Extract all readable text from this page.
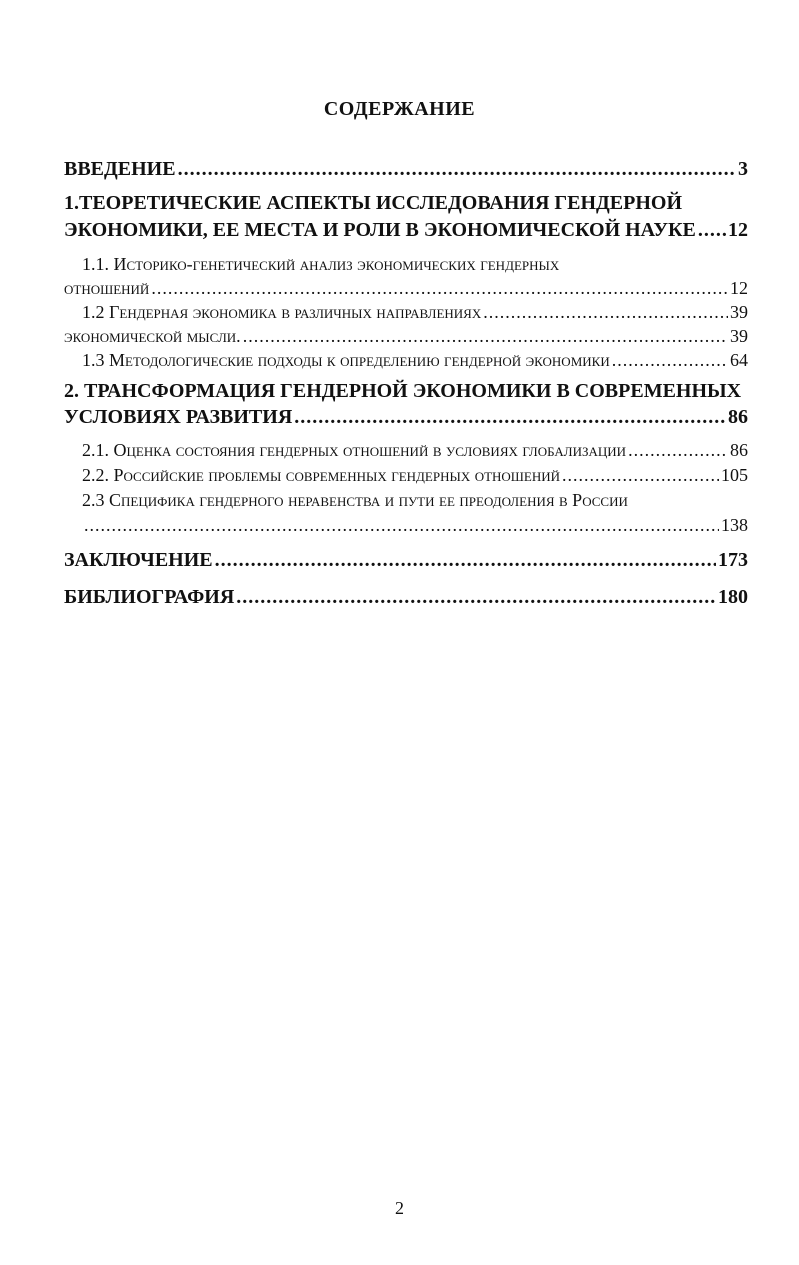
СОДЕРЖАНИЕ
ВВЕДЕНИЕ .....	3
1.ТЕОРЕТИЧЕСКИЕ АСПЕКТЫ ИССЛЕДОВАНИЯ ГЕНДЕРНОЙ
ЭКОНОМИКИ, ЕЕ МЕСТА И РОЛИ В ЭКОНОМИЧЕСКОЙ НАУКЕ ..... 12
1.1. Историко-генетический анализ экономических гендерных
отношений .....	12
1.2 Гендерная экономика в различных направлениях .....	39
экономической мысли. .....	39
1.3 Методологические подходы к определению гендерной экономики .....	64
2. ТРАНСФОРМАЦИЯ ГЕНДЕРНОЙ ЭКОНОМИКИ В СОВРЕМЕННЫХ
УСЛОВИЯХ РАЗВИТИЯ .....	86
2.1. Оценка состояния гендерных отношений в условиях глобализации .....	86
2.2. Российские проблемы современных гендерных отношений .....	105
2.3 Специфика гендерного неравенства и пути ее преодоления в России
.....
138
ЗАКЛЮЧЕНИЕ .....	173
БИБЛИОГРАФИЯ .....	180
2
